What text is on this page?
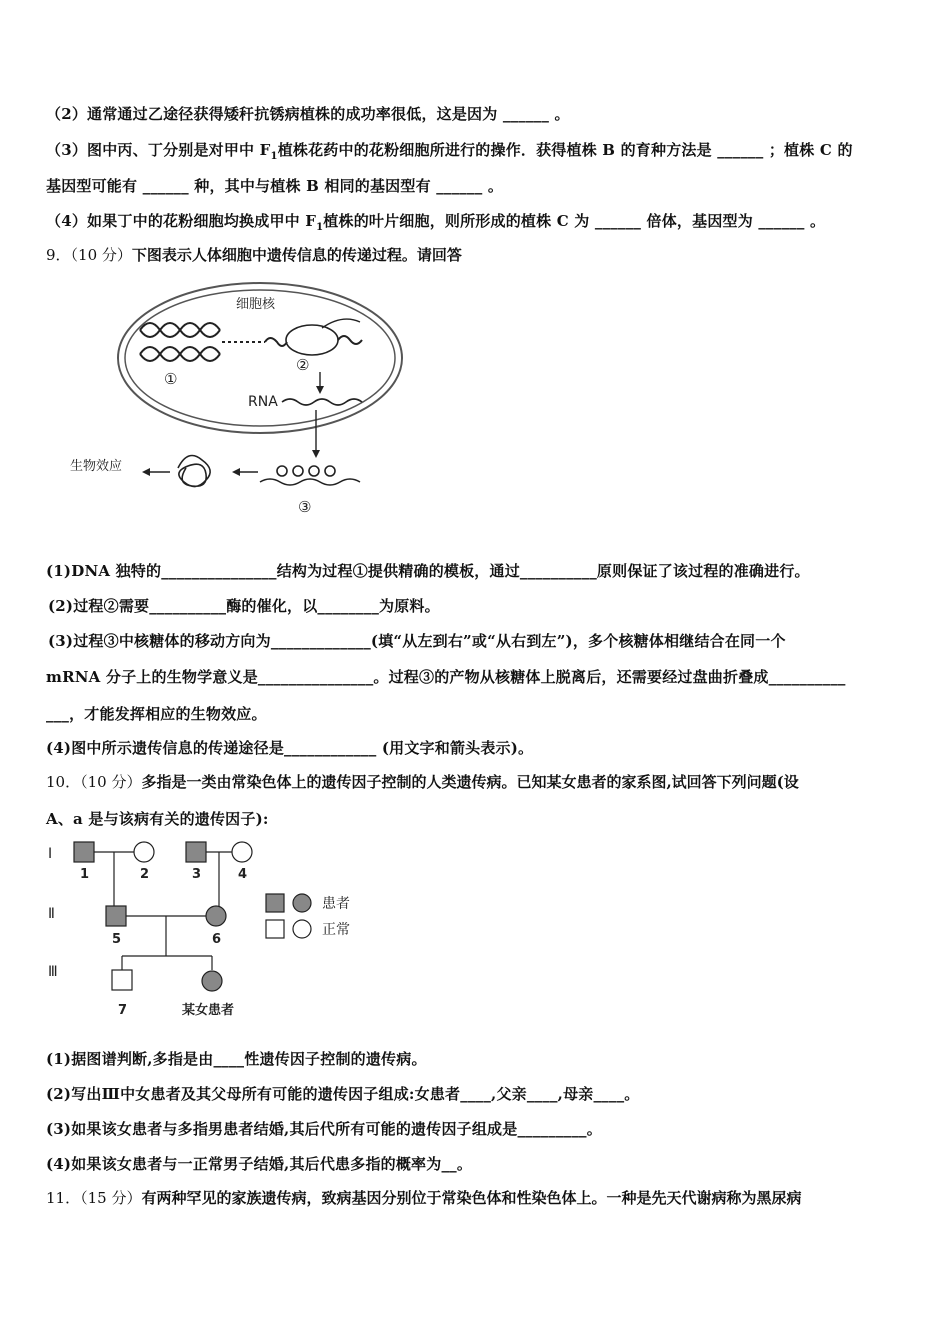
（2）通常通过乙途径获得矮秆抗锈病植株的成功率很低，这是因为 ______ 。
（3）图中丙、丁分别是对甲中 $F_1$植株花药中的花粉细胞所进行的操作．获得植株 B 的育种方法是 ______ ；植株 C 的
基因型可能有 ______ 种，其中与植株 B 相同的基因型有 ______ 。
（4）如果丁中的花粉细胞均换成甲中 $F_1$植株的叶片细胞，则所形成的植株 C 为 ______ 倍体，基因型为 ______ 。
9．（10 分）下图表示人体细胞中遗传信息的传递过程。请回答
细胞核
①
②
RNA
③
生物效应
(1)DNA 独特的_______________结构为过程①提供精确的模板，通过__________原则保证了该过程的准确进行。
(2)过程②需要__________酶的催化，以________为原料。
(3)过程③中核糖体的移动方向为_____________(填“从左到右”或“从右到左”)，多个核糖体相继结合在同一个
mRNA 分子上的生物学意义是_______________。过程③的产物从核糖体上脱离后，还需要经过盘曲折叠成__________
___，才能发挥相应的生物效应。
(4)图中所示遗传信息的传递途径是____________ (用文字和箭头表示)。
10．（10 分）多指是一类由常染色体上的遗传因子控制的人类遗传病。已知某女患者的家系图,试回答下列问题(设
A、a 是与该病有关的遗传因子):
Ⅰ
Ⅱ
Ⅲ
1	2	3	4
5	6
7	某女患者
患者
正常
(1)据图谱判断,多指是由____性遗传因子控制的遗传病。
(2)写出Ⅲ中女患者及其父母所有可能的遗传因子组成:女患者____,父亲____,母亲____。
(3)如果该女患者与多指男患者结婚,其后代所有可能的遗传因子组成是_________。
(4)如果该女患者与一正常男子结婚,其后代患多指的概率为__。
11．（15 分）有两种罕见的家族遗传病，致病基因分别位于常染色体和性染色体上。一种是先天代谢病称为黑尿病
